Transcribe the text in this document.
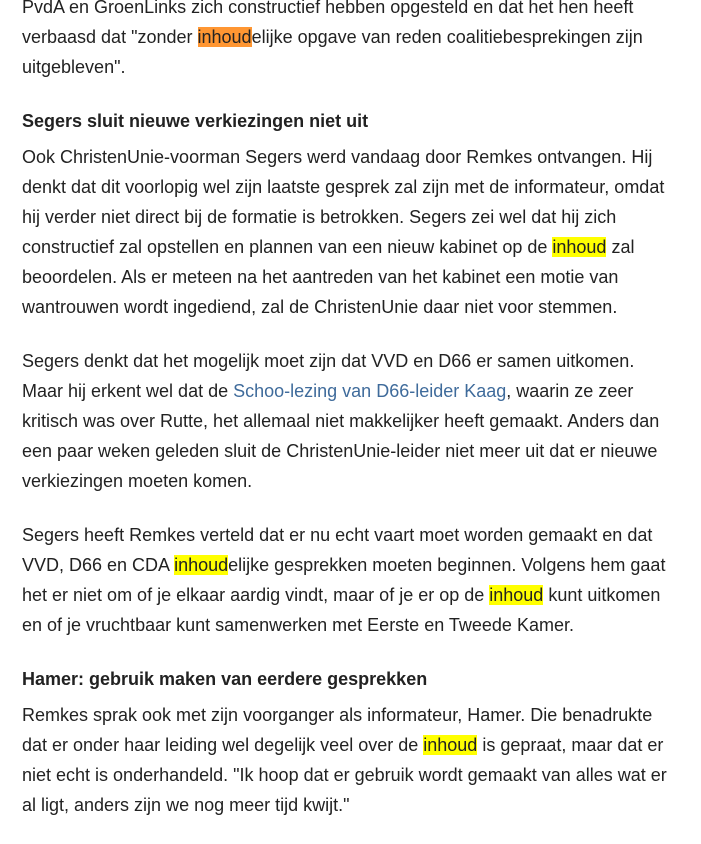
PvdA en GroenLinks zich constructief hebben opgesteld en dat het hen heeft verbaasd dat "zonder inhoudelijke opgave van reden coalitiebesprekingen zijn uitgebleven".

Segers sluit nieuwe verkiezingen niet uit

Ook ChristenUnie-voorman Segers werd vandaag door Remkes ontvangen. Hij denkt dat dit voorlopig wel zijn laatste gesprek zal zijn met de informateur, omdat hij verder niet direct bij de formatie is betrokken. Segers zei wel dat hij zich constructief zal opstellen en plannen van een nieuw kabinet op de inhoud zal beoordelen. Als er meteen na het aantreden van het kabinet een motie van wantrouwen wordt ingediend, zal de ChristenUnie daar niet voor stemmen.

Segers denkt dat het mogelijk moet zijn dat VVD en D66 er samen uitkomen. Maar hij erkent wel dat de Schoo-lezing van D66-leider Kaag, waarin ze zeer kritisch was over Rutte, het allemaal niet makkelijker heeft gemaakt. Anders dan een paar weken geleden sluit de ChristenUnie-leider niet meer uit dat er nieuwe verkiezingen moeten komen.

Segers heeft Remkes verteld dat er nu echt vaart moet worden gemaakt en dat VVD, D66 en CDA inhoudelijke gesprekken moeten beginnen. Volgens hem gaat het er niet om of je elkaar aardig vindt, maar of je er op de inhoud kunt uitkomen en of je vruchtbaar kunt samenwerken met Eerste en Tweede Kamer.

Hamer: gebruik maken van eerdere gesprekken

Remkes sprak ook met zijn voorganger als informateur, Hamer. Die benadrukte dat er onder haar leiding wel degelijk veel over de inhoud is gepraat, maar dat er niet echt is onderhandeld. "Ik hoop dat er gebruik wordt gemaakt van alles wat er al ligt, anders zijn we nog meer tijd kwijt."
